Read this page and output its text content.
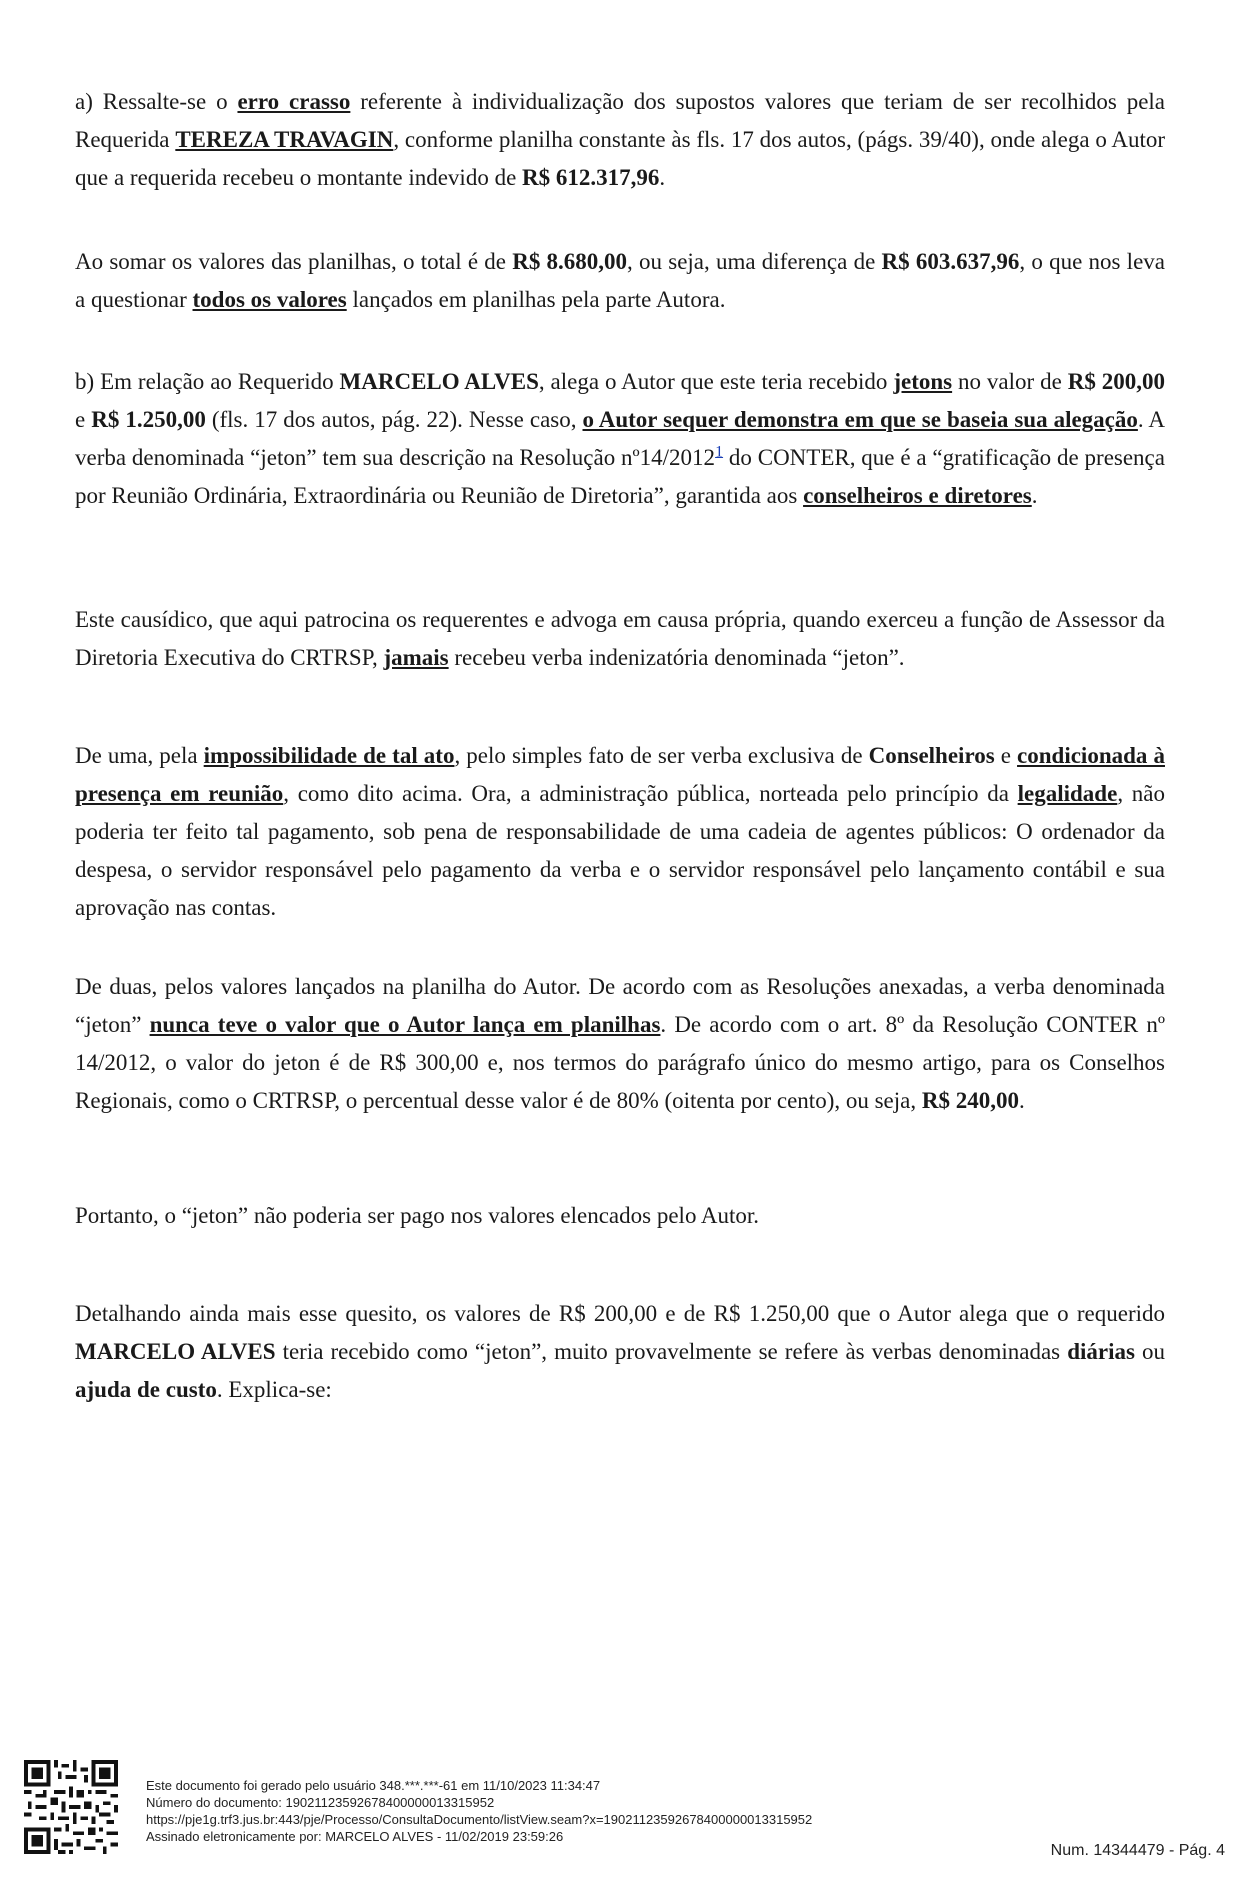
a) Ressalte-se o erro crasso referente à individualização dos supostos valores que teriam de ser recolhidos pela Requerida TEREZA TRAVAGIN, conforme planilha constante às fls. 17 dos autos, (págs. 39/40), onde alega o Autor que a requerida recebeu o montante indevido de R$ 612.317,96.

Ao somar os valores das planilhas, o total é de R$ 8.680,00, ou seja, uma diferença de R$ 603.637,96, o que nos leva a questionar todos os valores lançados em planilhas pela parte Autora.

b) Em relação ao Requerido MARCELO ALVES, alega o Autor que este teria recebido jetons no valor de R$ 200,00 e R$ 1.250,00 (fls. 17 dos autos, pág. 22). Nesse caso, o Autor sequer demonstra em que se baseia sua alegação. A verba denominada “jeton” tem sua descrição na Resolução nº14/2012$^1$ do CONTER, que é a “gratificação de presença por Reunião Ordinária, Extraordinária ou Reunião de Diretoria”, garantida aos conselheiros e diretores.

Este causídico, que aqui patrocina os requerentes e advoga em causa própria, quando exerceu a função de Assessor da Diretoria Executiva do CRTRSP, jamais recebeu verba indenizatória denominada “jeton”.

De uma, pela impossibilidade de tal ato, pelo simples fato de ser verba exclusiva de Conselheiros e condicionada à presença em reunião, como dito acima. Ora, a administração pública, norteada pelo princípio da legalidade, não poderia ter feito tal pagamento, sob pena de responsabilidade de uma cadeia de agentes públicos: O ordenador da despesa, o servidor responsável pelo pagamento da verba e o servidor responsável pelo lançamento contábil e sua aprovação nas contas.

De duas, pelos valores lançados na planilha do Autor. De acordo com as Resoluções anexadas, a verba denominada “jeton” nunca teve o valor que o Autor lança em planilhas. De acordo com o art. 8º da Resolução CONTER nº 14/2012, o valor do jeton é de R$ 300,00 e, nos termos do parágrafo único do mesmo artigo, para os Conselhos Regionais, como o CRTRSP, o percentual desse valor é de 80% (oitenta por cento), ou seja, R$ 240,00.

Portanto, o “jeton” não poderia ser pago nos valores elencados pelo Autor.

Detalhando ainda mais esse quesito, os valores de R$ 200,00 e de R$ 1.250,00 que o Autor alega que o requerido MARCELO ALVES teria recebido como “jeton”, muito provavelmente se refere às verbas denominadas diárias ou ajuda de custo. Explica-se:

Este documento foi gerado pelo usuário 348.***.***-61 em 11/10/2023 11:34:47
Número do documento: 19021123592678400000013315952
https://pje1g.trf3.jus.br:443/pje/Processo/ConsultaDocumento/listView.seam?x=19021123592678400000013315952
Assinado eletronicamente por: MARCELO ALVES - 11/02/2019 23:59:26
Num. 14344479 - Pág. 4
